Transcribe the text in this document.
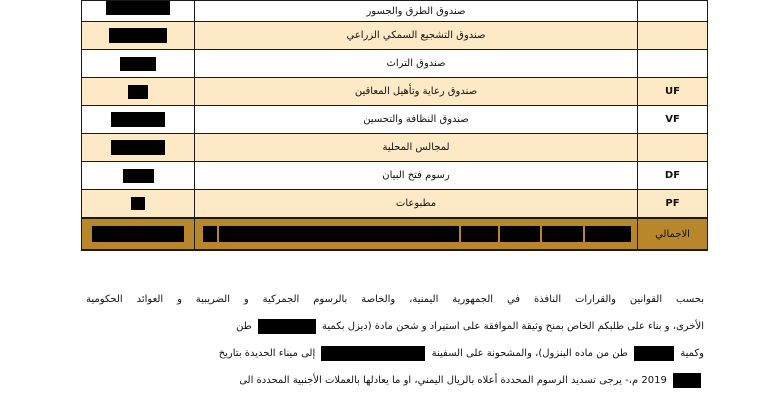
	صندوق الطرق والجسور	
	صندوق التشجيع السمكي الزراعي	
	صندوق التراث	
	صندوق رعاية وتأهيل المعاقين	UF
	صندوق النظافة والتحسين	VF
	لمجالس المحلية	
	رسوم فتح البيان	DF
	مطبوعات	PF

	الاجمالي
بحسب القوانين والقرارات النافذة في الجمهورية اليمنية، والخاصة بالرسوم الجمركية و الضريبية و العوائد الحكومية
الأخرى، و بناء على طلبكم الخاص بمنح وثيقة الموافقة على استيراد و شحن مادة (ديزل بكمية  طن
وكمية  طن من ماده البنزول)، والمشحونة على السفينة  إلى ميناء الحديدة بتاريخ
2019 م،- يرجى تسديد الرسوم المحددة أعلاه بالريال اليمني، او ما يعادلها بالعملات الأجنبية المحددة الى
